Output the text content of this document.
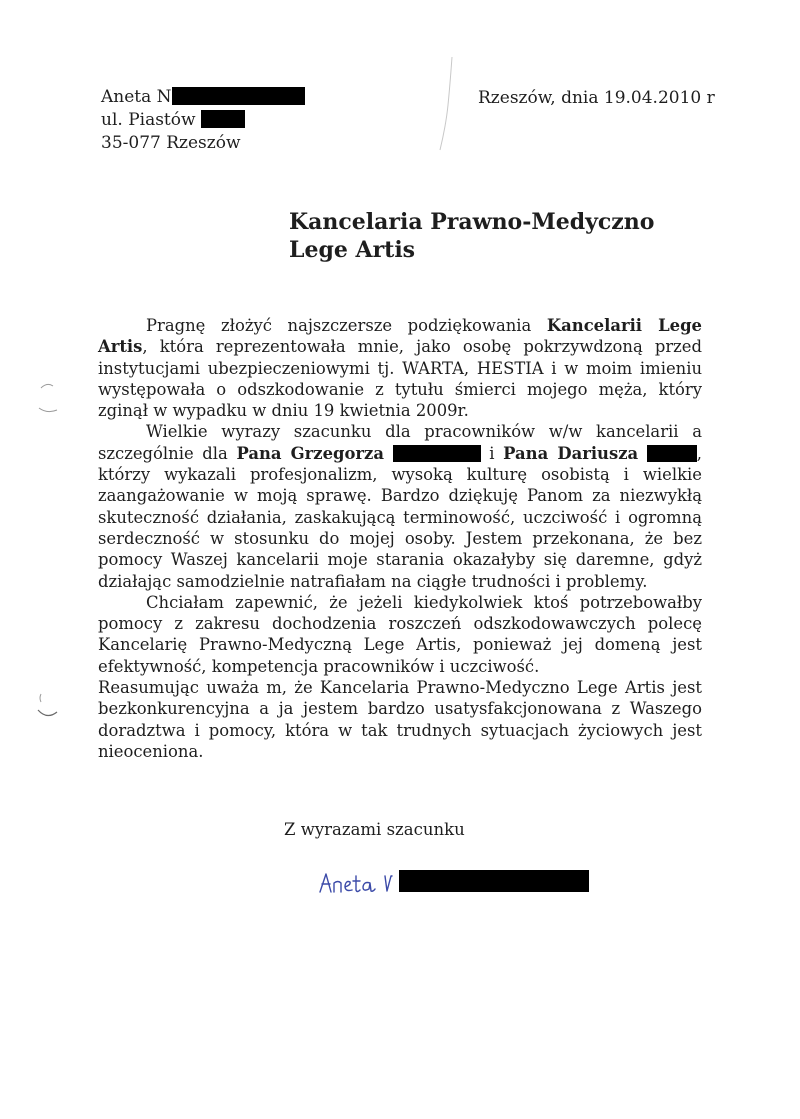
Aneta N
ul. Piastów
35-077 Rzeszów
Rzeszów, dnia 19.04.2010 r
Kancelaria Prawno-Medyczno
Lege Artis

Pragnę złożyć najszczersze podziękowania Kancelarii Lege Artis, która reprezentowała mnie, jako osobę pokrzywdzoną przed instytucjami ubezpieczeniowymi tj. WARTA, HESTIA i w moim imieniu występowała o odszkodowanie z tytułu śmierci mojego męża, który zginął w wypadku w dniu 19 kwietnia 2009r.

Wielkie wyrazy szacunku dla pracowników w/w kancelarii a szczególnie dla Pana Grzegorza	i Pana Dariusza	, którzy wykazali profesjonalizm, wysoką kulturę osobistą i wielkie zaangażowanie w moją sprawę. Bardzo dziękuję Panom za niezwykłą skuteczność działania, zaskakującą terminowość, uczciwość i ogromną serdeczność w stosunku do mojej osoby. Jestem przekonana, że bez pomocy Waszej kancelarii moje starania okazałyby się daremne, gdyż działając samodzielnie natrafiałam na ciągłe trudności i problemy.

Chciałam zapewnić, że jeżeli kiedykolwiek ktoś potrzebowałby pomocy z zakresu dochodzenia roszczeń odszkodowawczych polecę Kancelarię Prawno-Medyczną Lege Artis, ponieważ jej domeną jest efektywność, kompetencja pracowników i uczciwość.

Reasumując uważa m, że Kancelaria Prawno-Medyczno Lege Artis jest bezkonkurencyjna a ja jestem bardzo usatysfakcjonowana z Waszego doradztwa i pomocy, która w tak trudnych sytuacjach życiowych jest nieoceniona.

Z wyrazami szacunku
